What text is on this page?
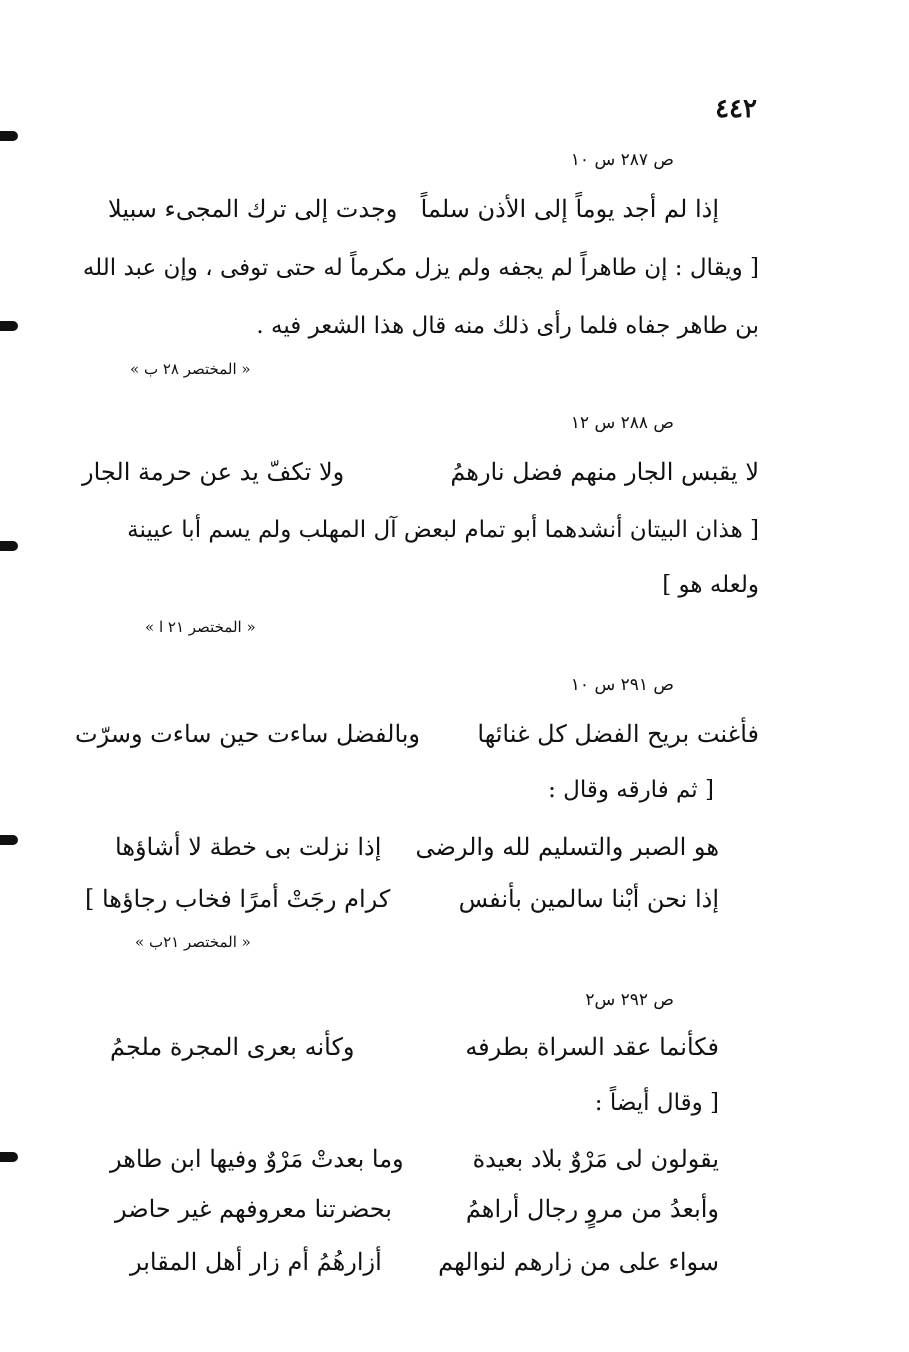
٤٤٢
ص ٢٨٧ س ١٠
إذا لم أجد يوماً إلى الأذن سلماً
وجدت إلى ترك المجىء سبيلا
[ ويقال : إن طاهراً لم يجفه ولم يزل مكرماً له حتى توفى ، وإن عبد الله
بن طاهر جفاه فلما رأى ذلك منه قال هذا الشعر فيه .
« المختصر ٢٨ ب »
ص ٢٨٨ س ١٢
لا يقبس الجار منهم فضل نارهمُ
ولا تكفّ يد عن حرمة الجار
[ هذان البيتان أنشدهما أبو تمام لبعض آل المهلب ولم يسم أبا عيينة
ولعله هو ]
« المختصر ٢١ ا »
ص ٢٩١ س ١٠
فأغنت بريح الفضل كل غنائها
وبالفضل ساءت حين ساءت وسرّت
[ ثم فارقه وقال :
هو الصبر والتسليم لله والرضى
إذا نزلت بى خطة لا أشاؤها
إذا نحن أبْنا سالمين بأنفس
كرام رجَتْ أمرًا فخاب رجاؤها ]
« المختصر ٢١ب »
ص ٢٩٢ س٢
فكأنما عقد السراة بطرفه
وكأنه بعرى المجرة ملجمُ
[ وقال أيضاً :
يقولون لى مَرْوٌ بلاد بعيدة
وما بعدتْ مَرْوٌ وفيها ابن طاهر
وأبعدُ من مروٍ رجال أراهمُ
بحضرتنا معروفهم غير حاضر
سواء على من زارهم لنوالهم
أزارهُمُ أم زار أهل المقابر
